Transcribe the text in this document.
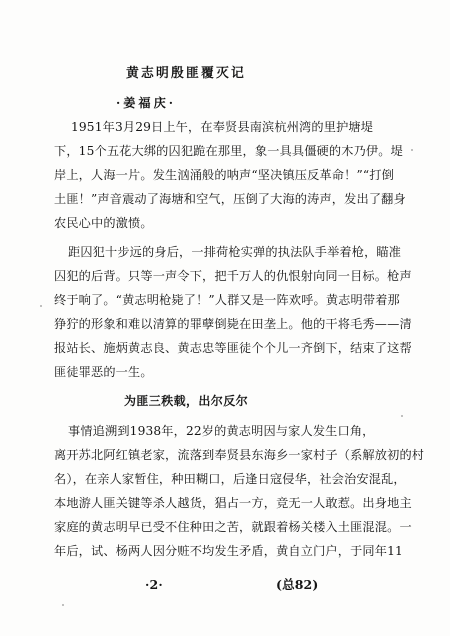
黄志明殷匪覆灭记
·姜福庆·
1951年3月29日上午，在奉贤县南滨杭州湾的里护塘堤
下，15个五花大绑的囚犯跪在那里，象一具具僵硬的木乃伊。堤
岸上，人海一片。发生汹涌般的呐声“坚决镇压反革命！”“打倒
土匪！”声音震动了海塘和空气，压倒了大海的涛声，发出了翻身
农民心中的激愤。
距囚犯十步远的身后，一排荷枪实弹的执法队手举着枪，瞄准
囚犯的后背。只等一声令下，把千万人的仇恨射向同一目标。枪声
终于响了。“黄志明枪毙了！”人群又是一阵欢呼。黄志明带着那
狰狞的形象和难以清算的罪孽倒毙在田垄上。他的干将毛秀——清
报站长、施炳黄志良、黄志忠等匪徒个个儿一齐倒下，结束了这帮
匪徒罪恶的一生。
为匪三秩载，出尔反尔
事情追溯到1938年，22岁的黄志明因与家人发生口角，
离开苏北阿红镇老家，流落到奉贤县东海乡一家村子（系解放初的村
名），在亲人家暂住，种田糊口，后逢日寇侵华，社会治安混乱，
本地游人匪关键等杀人越货，猖占一方，竞无一人敢惹。出身地主
家庭的黄志明早已受不住种田之苦，就跟着杨关楼入土匪混混。一
年后，试、杨两人因分赃不均发生矛盾，黄自立门户，于同年11
·2·	(总82)
